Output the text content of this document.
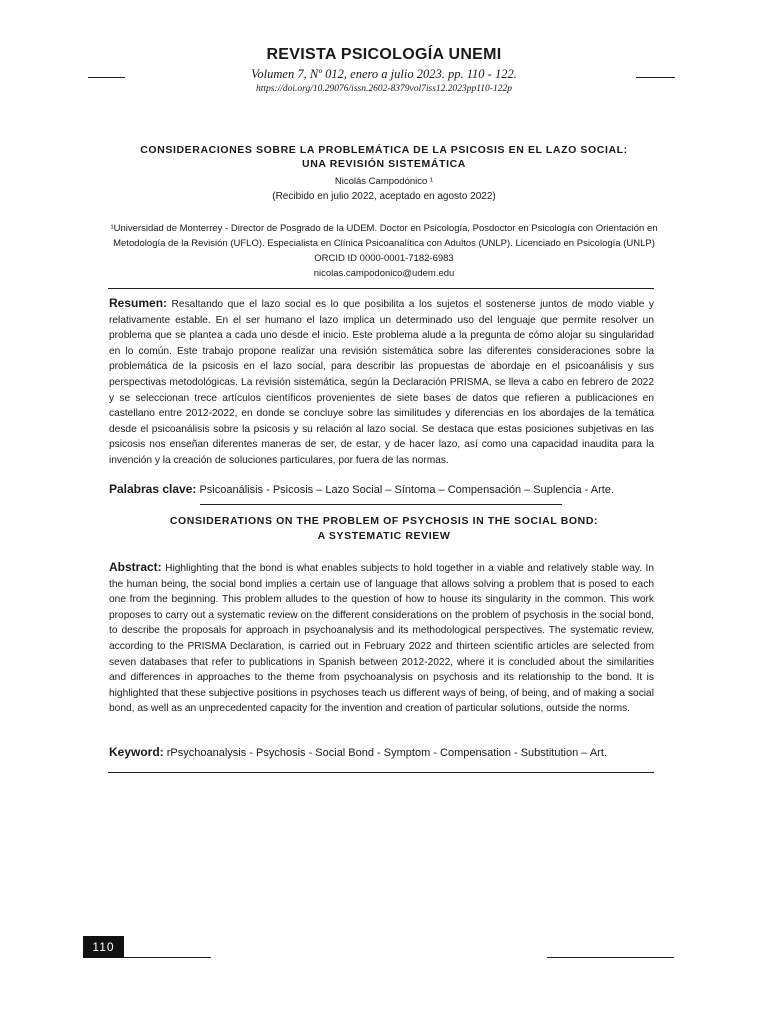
REVISTA PSICOLOGÍA UNEMI
Volumen 7, Nº 012, enero a julio 2023. pp. 110 - 122.
https://doi.org/10.29076/issn.2602-8379vol7iss12.2023pp110-122p
CONSIDERACIONES SOBRE LA PROBLEMÁTICA DE LA PSICOSIS EN EL LAZO SOCIAL:
UNA REVISIÓN SISTEMÁTICA
Nicolás Campodónico ¹
(Recibido en julio 2022, aceptado en agosto 2022)
¹Universidad de Monterrey - Director de Posgrado de la UDEM. Doctor en Psicología, Posdoctor en Psicología con Orientación en Metodología de la Revisión (UFLO). Especialista en Clínica Psicoanalítica con Adultos (UNLP). Licenciado en Psicología (UNLP) ORCID ID 0000-0001-7182-6983
nicolas.campodonico@udem.edu
Resumen: Resaltando que el lazo social es lo que posibilita a los sujetos el sostenerse juntos de modo viable y relativamente estable. En el ser humano el lazo implica un determinado uso del lenguaje que permite resolver un problema que se plantea a cada uno desde el inicio. Este problema alude a la pregunta de cómo alojar su singularidad en lo común. Este trabajo propone realizar una revisión sistemática sobre las diferentes consideraciones sobre la problemática de la psicosis en el lazo social, para describir las propuestas de abordaje en el psicoanálisis y sus perspectivas metodológicas. La revisión sistemática, según la Declaración PRISMA, se lleva a cabo en febrero de 2022 y se seleccionan trece artículos científicos provenientes de siete bases de datos que refieren a publicaciones en castellano entre 2012-2022, en donde se concluye sobre las similitudes y diferencias en los abordajes de la temática desde el psicoanálisis sobre la psicosis y su relación al lazo social. Se destaca que estas posiciones subjetivas en las psicosis nos enseñan diferentes maneras de ser, de estar, y de hacer lazo, así como una capacidad inaudita para la invención y la creación de soluciones particulares, por fuera de las normas.
Palabras clave: Psicoanálisis - Psicosis – Lazo Social – Síntoma – Compensación – Suplencia - Arte.
CONSIDERATIONS ON THE PROBLEM OF PSYCHOSIS IN THE SOCIAL BOND:
A SYSTEMATIC REVIEW
Abstract: Highlighting that the bond is what enables subjects to hold together in a viable and relatively stable way. In the human being, the social bond implies a certain use of language that allows solving a problem that is posed to each one from the beginning. This problem alludes to the question of how to house its singularity in the common. This work proposes to carry out a systematic review on the different considerations on the problem of psychosis in the social bond, to describe the proposals for approach in psychoanalysis and its methodological perspectives. The systematic review, according to the PRISMA Declaration, is carried out in February 2022 and thirteen scientific articles are selected from seven databases that refer to publications in Spanish between 2012-2022, where it is concluded about the similarities and differences in approaches to the theme from psychoanalysis on psychosis and its relationship to the bond. It is highlighted that these subjective positions in psychoses teach us different ways of being, of being, and of making a social bond, as well as an unprecedented capacity for the invention and creation of particular solutions, outside the norms.
Keyword: rPsychoanalysis - Psychosis - Social Bond - Symptom - Compensation - Substitution – Art.
110
